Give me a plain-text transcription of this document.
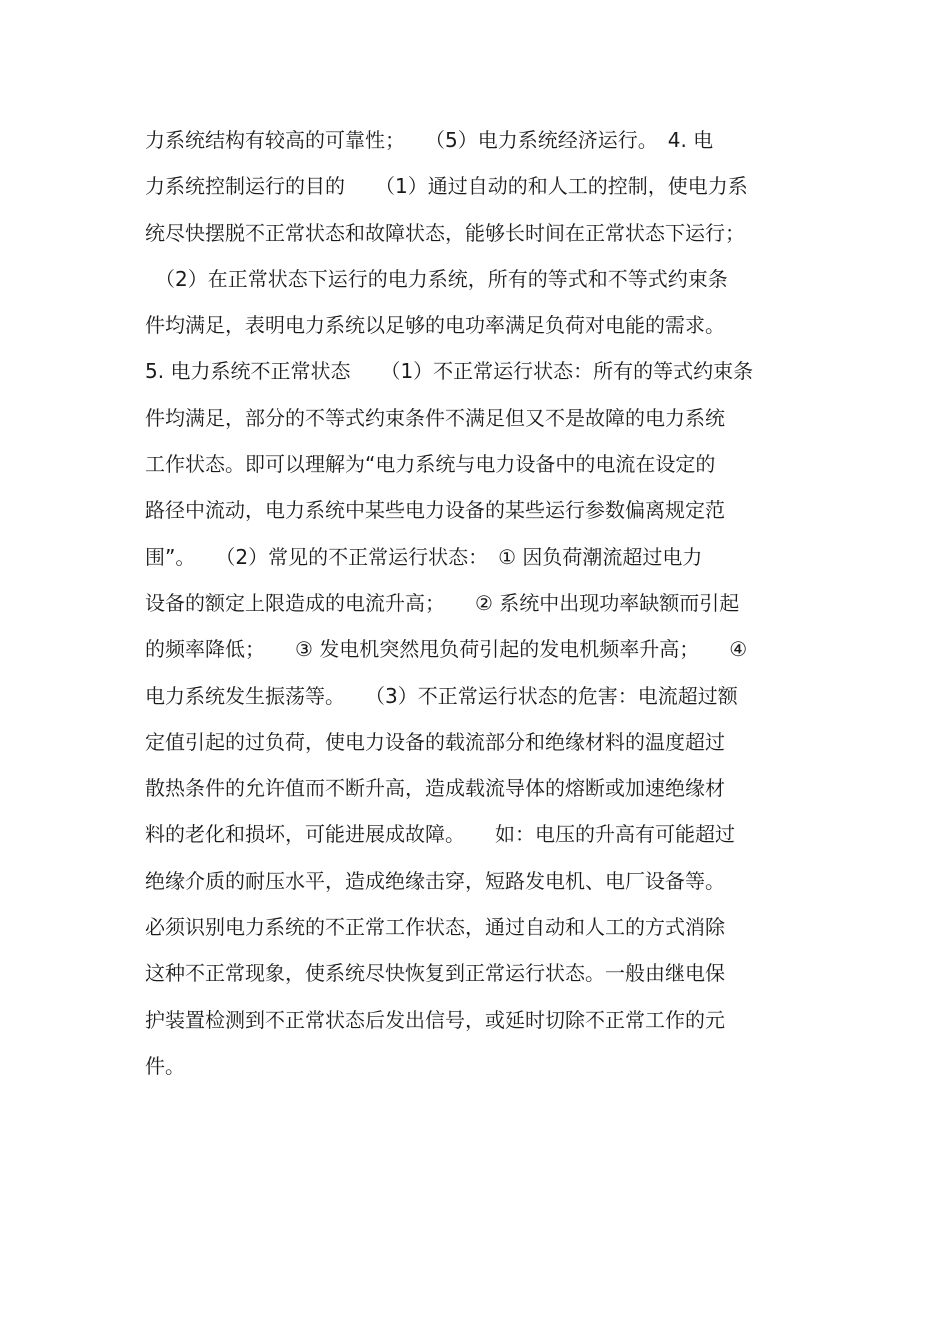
力系统结构有较高的可靠性；　　（5）电力系统经济运行。　4. 电
力系统控制运行的目的　　（1）通过自动的和人工的控制，使电力系
统尽快摆脱不正常状态和故障状态，能够长时间在正常状态下运行；
　（2）在正常状态下运行的电力系统，所有的等式和不等式约束条
件均满足，表明电力系统以足够的电功率满足负荷对电能的需求。
5. 电力系统不正常状态　　（1）不正常运行状态：所有的等式约束条
件均满足，部分的不等式约束条件不满足但又不是故障的电力系统
工作状态。即可以理解为“电力系统与电力设备中的电流在设定的
路径中流动，电力系统中某些电力设备的某些运行参数偏离规定范
围”。　　（2）常见的不正常运行状态：　① 因负荷潮流超过电力
设备的额定上限造成的电流升高；　　② 系统中出现功率缺额而引起
的频率降低；　　③ 发电机突然甩负荷引起的发电机频率升高；　　④
电力系统发生振荡等。　　（3）不正常运行状态的危害：电流超过额
定值引起的过负荷，使电力设备的载流部分和绝缘材料的温度超过
散热条件的允许值而不断升高，造成载流导体的熔断或加速绝缘材
料的老化和损坏，可能进展成故障。　　如：电压的升高有可能超过
绝缘介质的耐压水平，造成绝缘击穿，短路发电机、电厂设备等。
必须识别电力系统的不正常工作状态，通过自动和人工的方式消除
这种不正常现象，使系统尽快恢复到正常运行状态。一般由继电保
护装置检测到不正常状态后发出信号，或延时切除不正常工作的元
件。
